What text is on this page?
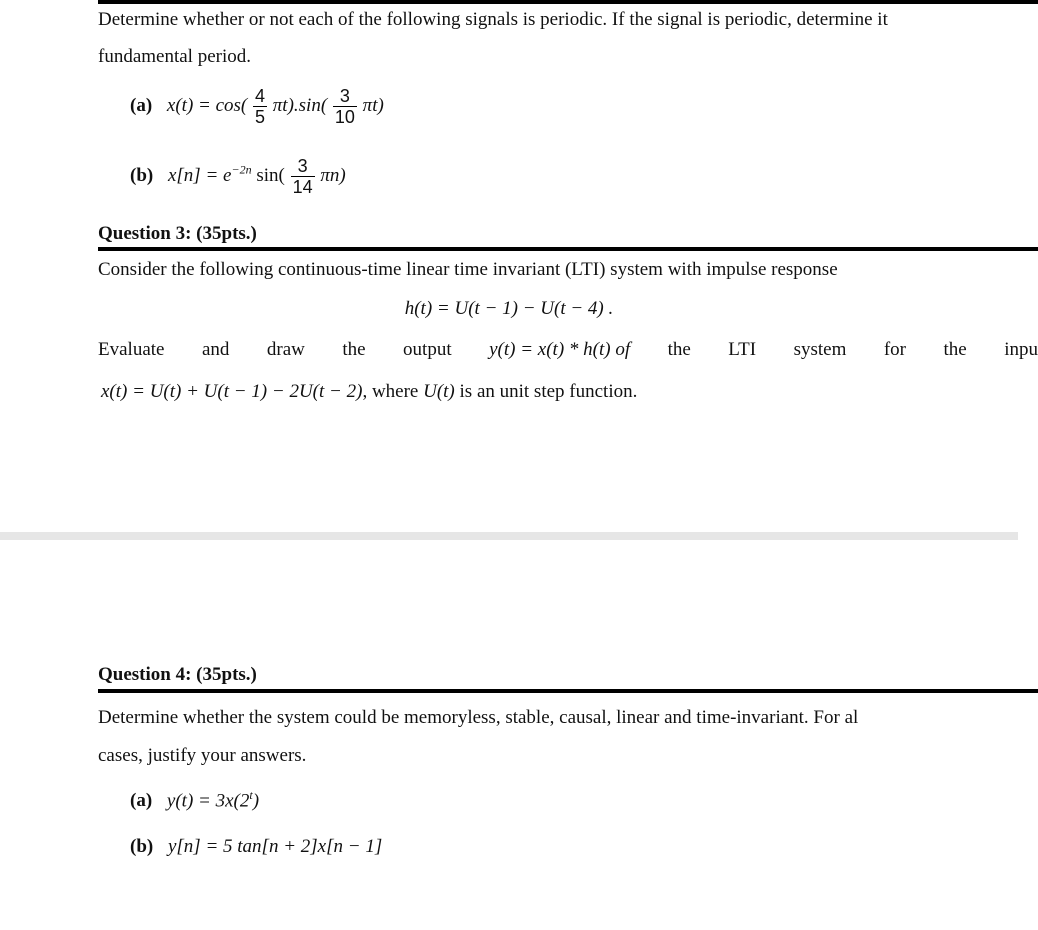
Determine whether or not each of the following signals is periodic. If the signal is periodic, determine it
fundamental period.
(a) $x(t) = \cos( \frac{4}{5} \pi t).\sin( \frac{3}{10} \pi t)$
(b) $x[n] = e^{-2n}$ $\sin( \frac{3}{14} \pi n)$
Question 3: (35pts.)
Consider the following continuous-time linear time invariant (LTI) system with impulse response
h(t) = U(t − 1) − U(t − 4) .
Evaluate and draw the output y(t) = x(t) * h(t) of the LTI system for the inpu
x(t) = U(t) + U(t − 1) − 2U(t − 2), where U(t) is an unit step function.
Question 4: (35pts.)
Determine whether the system could be memoryless, stable, causal, linear and time-invariant. For al
cases, justify your answers.
(a) $y(t) = 3x(2^t)$
(b) y[n] = 5 tan[n + 2]x[n − 1]
